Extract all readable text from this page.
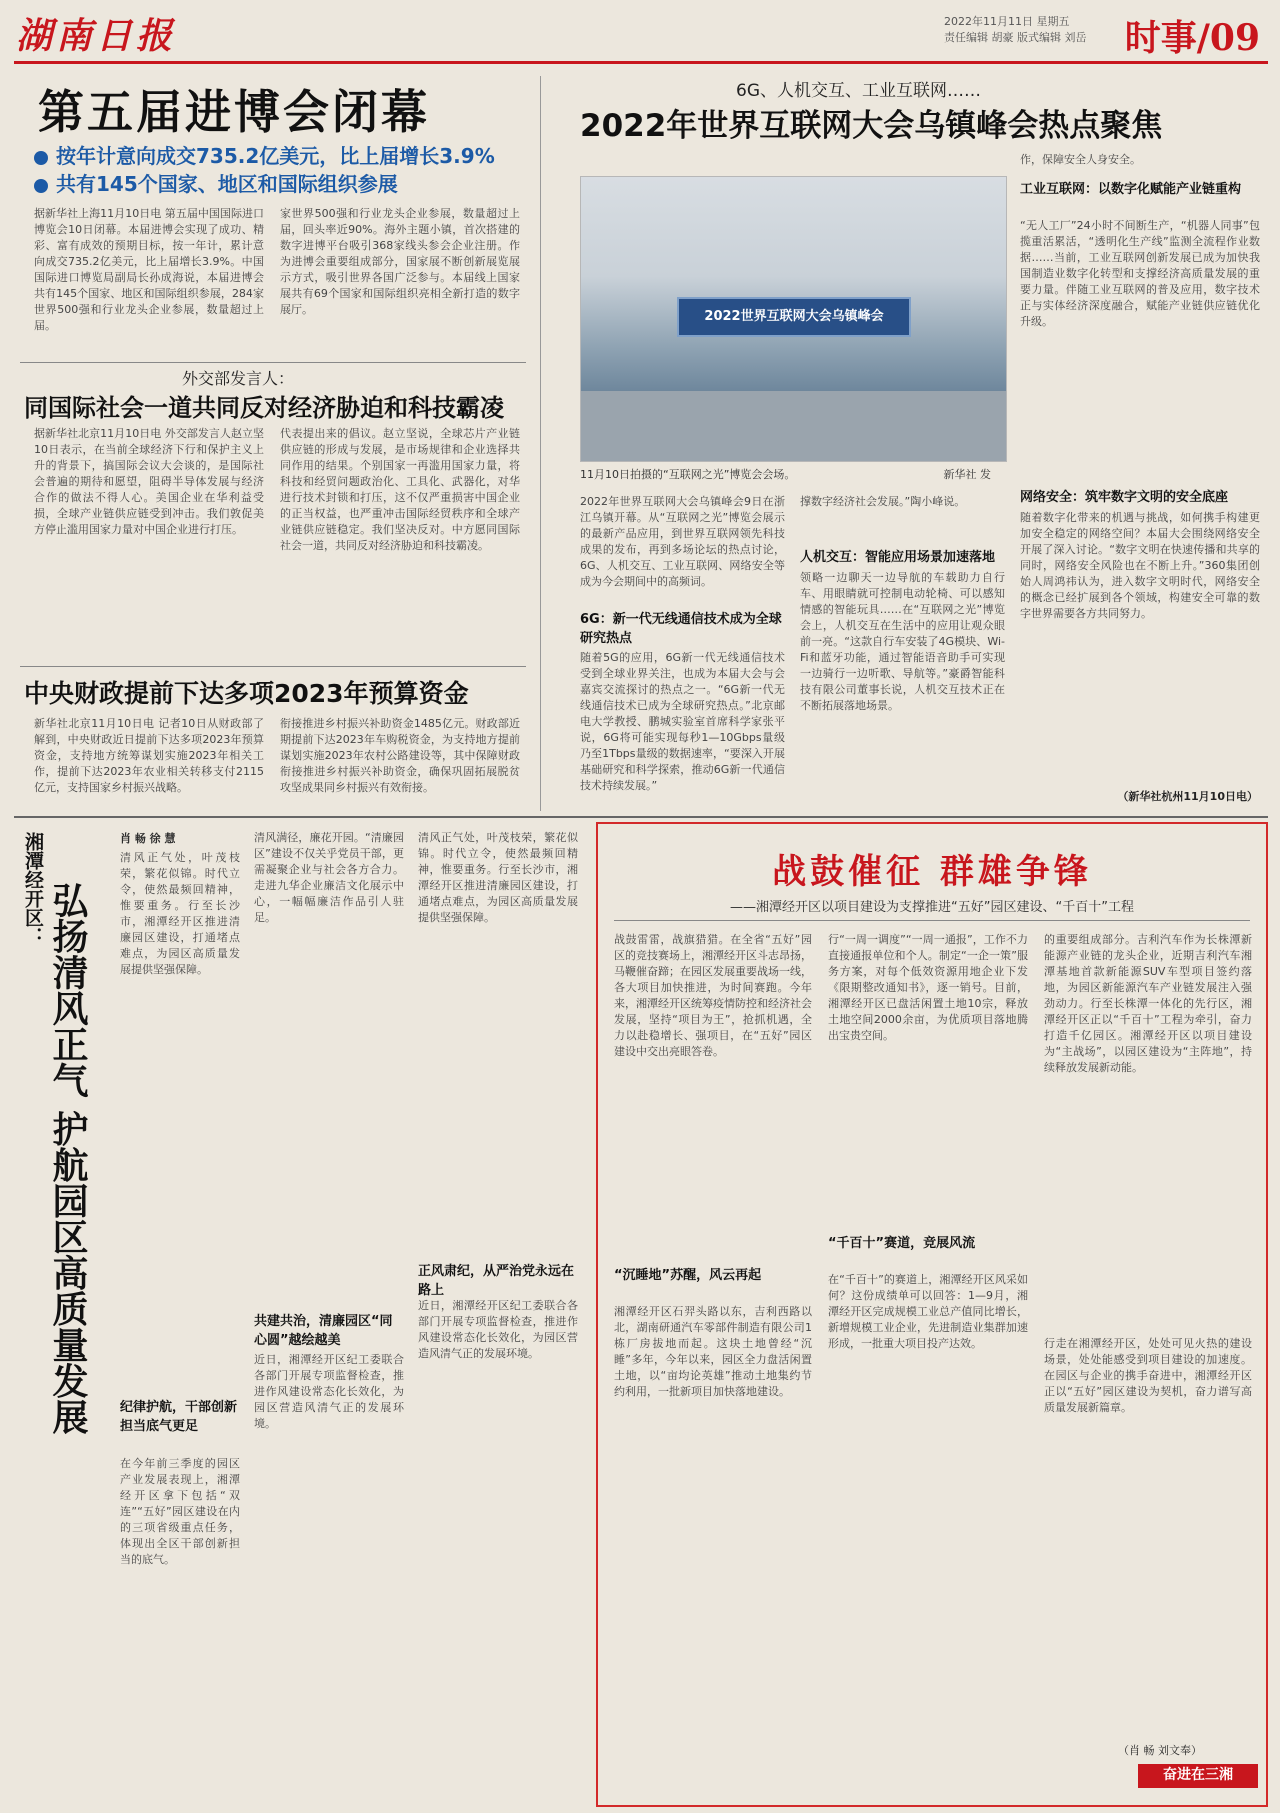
湖南日报	2022年11月11日 星期五
责任编辑 胡豪 版式编辑 刘岳 时事/09
第五届进博会闭幕
按年计意向成交735.2亿美元，比上届增长3.9%
共有145个国家、地区和国际组织参展
据新华社上海11月10日电 第五届中国国际进口博览会10日闭幕。本届进博会实现了成功、精彩、富有成效的预期目标，按一年计，累计意向成交735.2亿美元，比上届增长3.9%。中国国际进口博览局副局长孙成海说，本届进博会共有145个国家、地区和国际组织参展，284家世界500强和行业龙头企业参展，数量超过上届。
家世界500强和行业龙头企业参展，数量超过上届，回头率近90%。海外主题小镇，首次搭建的数字进博平台吸引368家线头参会企业注册。作为进博会重要组成部分，国家展不断创新展览展示方式，吸引世界各国广泛参与。本届线上国家展共有69个国家和国际组织亮相全新打造的数字展厅。
外交部发言人：
同国际社会一道共同反对经济胁迫和科技霸凌
据新华社北京11月10日电 外交部发言人赵立坚10日表示，在当前全球经济下行和保护主义上升的背景下，搞国际会议大会谈的，是国际社会普遍的期待和愿望，阻碍半导体发展与经济合作的做法不得人心。美国企业在华利益受损，全球产业链供应链受到冲击。我们敦促美方停止滥用国家力量对中国企业进行打压。
代表提出来的倡议。赵立坚说，全球芯片产业链供应链的形成与发展，是市场规律和企业选择共同作用的结果。个别国家一再滥用国家力量，将科技和经贸问题政治化、工具化、武器化，对华进行技术封锁和打压，这不仅严重损害中国企业的正当权益，也严重冲击国际经贸秩序和全球产业链供应链稳定。我们坚决反对。中方愿同国际社会一道，共同反对经济胁迫和科技霸凌。
中央财政提前下达多项2023年预算资金
新华社北京11月10日电 记者10日从财政部了解到，中央财政近日提前下达多项2023年预算资金，支持地方统筹谋划实施2023年相关工作，提前下达2023年农业相关转移支付2115亿元，支持国家乡村振兴战略。
衔接推进乡村振兴补助资金1485亿元。财政部近期提前下达2023年车购税资金，为支持地方提前谋划实施2023年农村公路建设等，其中保障财政衔接推进乡村振兴补助资金，确保巩固拓展脱贫攻坚成果同乡村振兴有效衔接。
6G、人机交互、工业互联网……
2022年世界互联网大会乌镇峰会热点聚焦
2022世界互联网大会乌镇峰会
11月10日拍摄的“互联网之光”博览会会场。	新华社 发
2022年世界互联网大会乌镇峰会9日在浙江乌镇开幕。从“互联网之光”博览会展示的最新产品应用，到世界互联网领先科技成果的发布，再到多场论坛的热点讨论，6G、人机交互、工业互联网、网络安全等成为今会期间中的高频词。
6G：新一代无线通信技术成为全球研究热点
随着5G的应用，6G新一代无线通信技术受到全球业界关注，也成为本届大会与会嘉宾交流探讨的热点之一。“6G新一代无线通信技术已成为全球研究热点。”北京邮电大学教授、鹏城实验室首席科学家张平说，6G将可能实现每秒1—10Gbps量级乃至1Tbps量级的数据速率，“要深入开展基础研究和科学探索，推动6G新一代通信技术持续发展。”
撑数字经济社会发展。”陶小峰说。
人机交互：智能应用场景加速落地
领略一边聊天一边导航的车载助力自行车、用眼睛就可控制电动轮椅、可以感知情感的智能玩具……在“互联网之光”博览会上，人机交互在生活中的应用让观众眼前一亮。“这款自行车安装了4G模块、Wi-Fi和蓝牙功能，通过智能语音助手可实现一边骑行一边听歌、导航等。”豪爵智能科技有限公司董事长说，人机交互技术正在不断拓展落地场景。
作，保障安全人身安全。
工业互联网：以数字化赋能产业链重构
“无人工厂”24小时不间断生产，“机器人同事”包揽重活累活，“透明化生产线”监测全流程作业数据……当前，工业互联网创新发展已成为加快我国制造业数字化转型和支撑经济高质量发展的重要力量。伴随工业互联网的普及应用，数字技术正与实体经济深度融合，赋能产业链供应链优化升级。
网络安全：筑牢数字文明的安全底座
随着数字化带来的机遇与挑战，如何携手构建更加安全稳定的网络空间？本届大会围绕网络安全开展了深入讨论。“数字文明在快速传播和共享的同时，网络安全风险也在不断上升。”360集团创始人周鸿祎认为，进入数字文明时代，网络安全的概念已经扩展到各个领域，构建安全可靠的数字世界需要各方共同努力。
（新华社杭州11月10日电）
湘潭经开区： 弘扬清风正气 护航园区高质量发展
肖 畅 徐 慧
清风正气处，叶茂枝荣，繁花似锦。时代立令，使然最频回精神，惟要重务。行至长沙市，湘潭经开区推进清廉园区建设，打通堵点难点，为园区高质量发展提供坚强保障。
纪律护航，干部创新担当底气更足
在今年前三季度的园区产业发展表现上，湘潭经开区拿下包括“双连”“五好”园区建设在内的三项省级重点任务，体现出全区干部创新担当的底气。
清风满径，廉花开园。“清廉园区”建设不仅关乎党员干部，更需凝聚企业与社会各方合力。走进九华企业廉洁文化展示中心，一幅幅廉洁作品引人驻足。
共建共治，清廉园区“同心圆”越绘越美
近日，湘潭经开区纪工委联合各部门开展专项监督检查，推进作风建设常态化长效化，为园区营造风清气正的发展环境。
清风正气处，叶茂枝荣，繁花似锦。时代立令，使然最频回精神，惟要重务。行至长沙市，湘潭经开区推进清廉园区建设，打通堵点难点，为园区高质量发展提供坚强保障。
正风肃纪，从严治党永远在路上
近日，湘潭经开区纪工委联合各部门开展专项监督检查，推进作风建设常态化长效化，为园区营造风清气正的发展环境。
战鼓催征 群雄争锋
——湘潭经开区以项目建设为支撑推进“五好”园区建设、“千百十”工程
战鼓雷雷，战旗猎猎。在全省“五好”园区的竞技赛场上，湘潭经开区斗志昂扬，马鞭催奋蹄；在园区发展重要战场一线，各大项目加快推进，为时间赛跑。今年来，湘潭经开区统筹疫情防控和经济社会发展，坚持“项目为王”，抢抓机遇，全力以赴稳增长、强项目，在“五好”园区建设中交出亮眼答卷。
“沉睡地”苏醒，风云再起
湘潭经开区石羿头路以东，吉利西路以北，湖南研通汽车零部件制造有限公司1栋厂房拔地而起。这块土地曾经“沉睡”多年，今年以来，园区全力盘活闲置土地，以“亩均论英雄”推动土地集约节约利用，一批新项目加快落地建设。
行“一周一调度”“一周一通报”，工作不力直接通报单位和个人。制定“一企一策”服务方案，对每个低效资源用地企业下发《限期整改通知书》，逐一销号。目前，湘潭经开区已盘活闲置土地10宗，释放土地空间2000余亩，为优质项目落地腾出宝贵空间。
“千百十”赛道，竞展风流
在“千百十”的赛道上，湘潭经开区风采如何？这份成绩单可以回答：1—9月，湘潭经开区完成规模工业总产值同比增长，新增规模工业企业，先进制造业集群加速形成，一批重大项目投产达效。
的重要组成部分。吉利汽车作为长株潭新能源产业链的龙头企业，近期吉利汽车湘潭基地首款新能源SUV车型项目签约落地，为园区新能源汽车产业链发展注入强劲动力。行至长株潭一体化的先行区，湘潭经开区正以“千百十”工程为牵引，奋力打造千亿园区。湘潭经开区以项目建设为“主战场”，以园区建设为“主阵地”，持续释放发展新动能。
行走在湘潭经开区，处处可见火热的建设场景，处处能感受到项目建设的加速度。在园区与企业的携手奋进中，湘潭经开区正以“五好”园区建设为契机，奋力谱写高质量发展新篇章。
（肖 畅 刘文奉）
奋进在三湘
